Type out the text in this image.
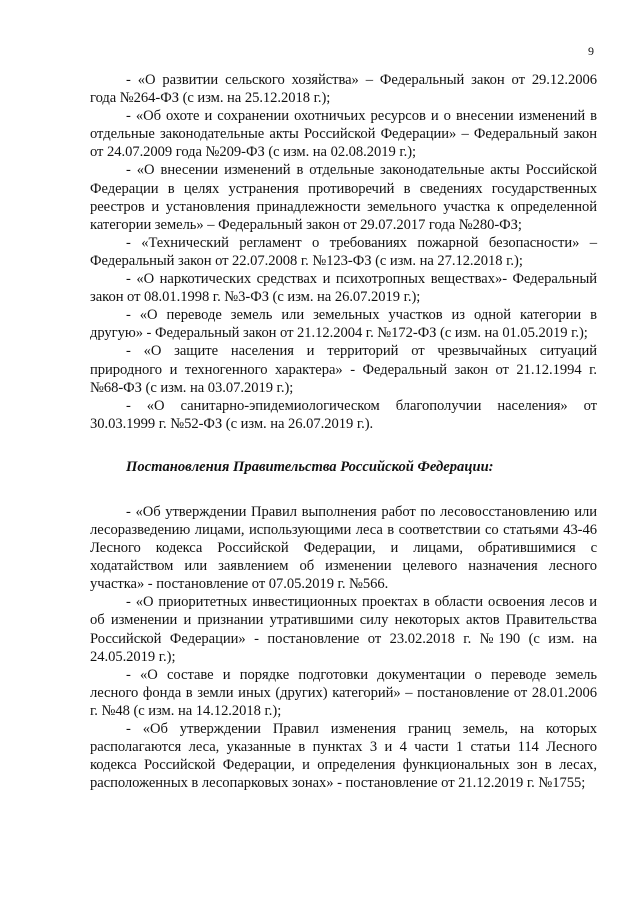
9

- «О развитии сельского хозяйства» – Федеральный закон от 29.12.2006 года №264-ФЗ (с изм. на 25.12.2018 г.);

- «Об охоте и сохранении охотничьих ресурсов и о внесении изменений в отдельные законодательные акты Российской Федерации» – Федеральный закон от 24.07.2009 года №209-ФЗ (с изм. на 02.08.2019 г.);

- «О внесении изменений в отдельные законодательные акты Российской Федерации в целях устранения противоречий в сведениях государственных реестров и установления принадлежности земельного участка к определенной категории земель» – Федеральный закон от 29.07.2017 года №280-ФЗ;

- «Технический регламент о требованиях пожарной безопасности» – Федеральный закон от 22.07.2008 г. №123-ФЗ (с изм. на 27.12.2018 г.);

- «О наркотических средствах и психотропных веществах»- Федеральный закон от 08.01.1998 г. №3-ФЗ (с изм. на 26.07.2019 г.);

- «О переводе земель или земельных участков из одной категории в другую» - Федеральный закон от 21.12.2004 г. №172-ФЗ (с изм. на 01.05.2019 г.);

- «О защите населения и территорий от чрезвычайных ситуаций природного и техногенного характера» - Федеральный закон от 21.12.1994 г. №68-ФЗ (с изм. на 03.07.2019 г.);

- «О санитарно-эпидемиологическом благополучии населения» от 30.03.1999 г. №52-ФЗ (с изм. на 26.07.2019 г.).

Постановления Правительства Российской Федерации:

- «Об утверждении Правил выполнения работ по лесовосстановлению или лесоразведению лицами, использующими леса в соответствии со статьями 43-46 Лесного кодекса Российской Федерации, и лицами, обратившимися с ходатайством или заявлением об изменении целевого назначения лесного участка» - постановление от 07.05.2019 г. №566.

- «О приоритетных инвестиционных проектах в области освоения лесов и об изменении и признании утратившими силу некоторых актов Правительства Российской Федерации» - постановление от 23.02.2018 г. №190 (с изм. на 24.05.2019 г.);

- «О составе и порядке подготовки документации о переводе земель лесного фонда в земли иных (других) категорий» – постановление от 28.01.2006 г. №48 (с изм. на 14.12.2018 г.);

- «Об утверждении Правил изменения границ земель, на которых располагаются леса, указанные в пунктах 3 и 4 части 1 статьи 114 Лесного кодекса Российской Федерации, и определения функциональных зон в лесах, расположенных в лесопарковых зонах» - постановление от 21.12.2019 г. №1755;
